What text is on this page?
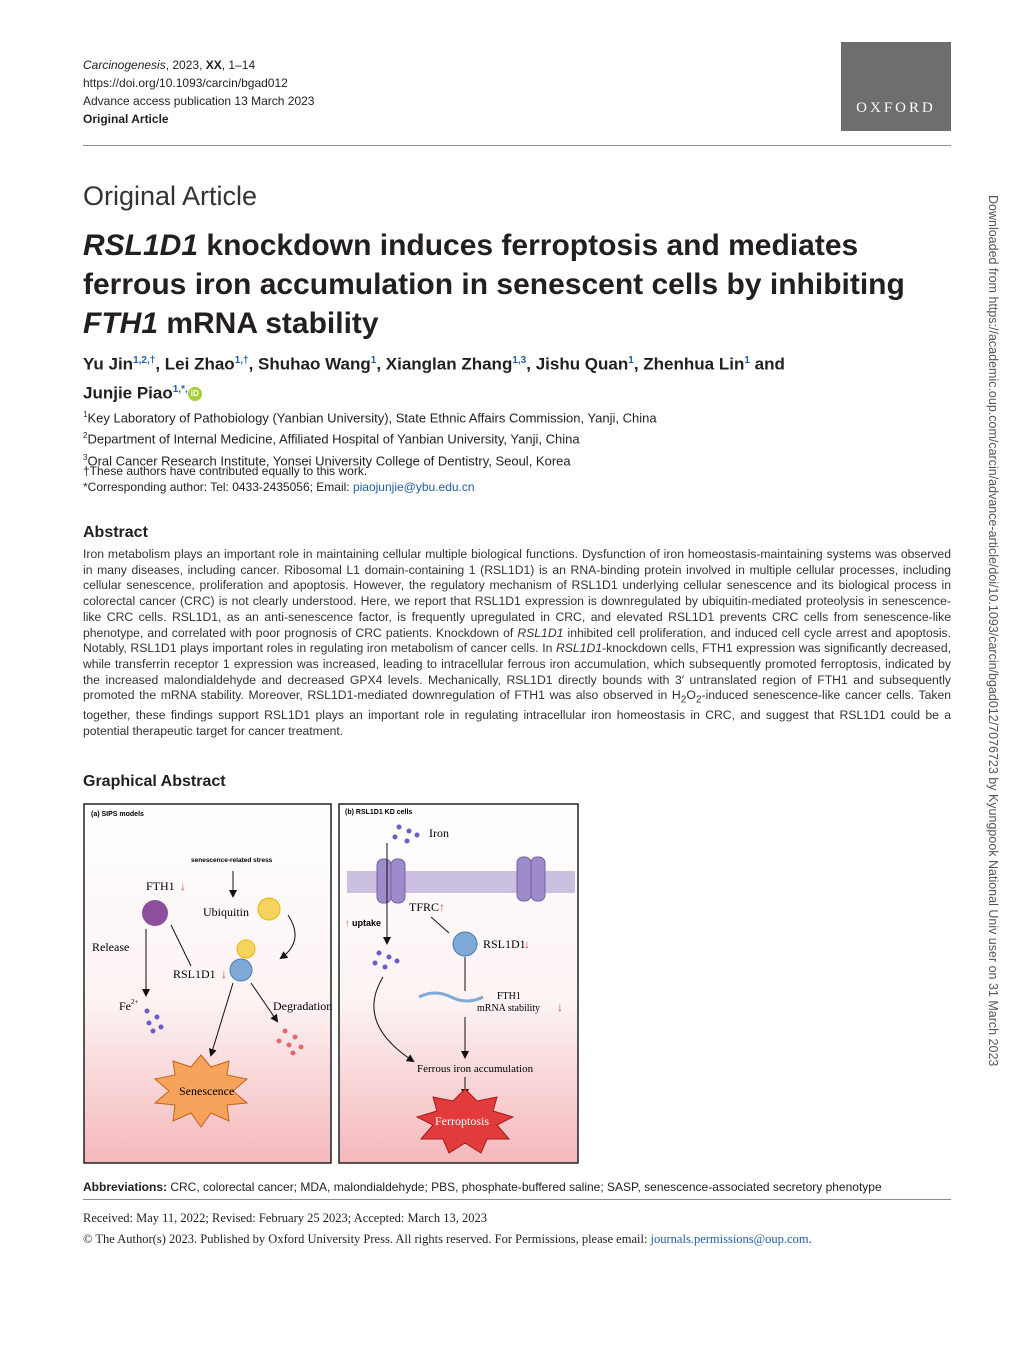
Carcinogenesis, 2023, XX, 1–14
https://doi.org/10.1093/carcin/bgad012
Advance access publication 13 March 2023
Original Article
OXFORD
Original Article
RSL1D1 knockdown induces ferroptosis and mediates ferrous iron accumulation in senescent cells by inhibiting FTH1 mRNA stability
Yu Jin$^{1,2,\dagger}$, Lei Zhao$^{1,\dagger}$, Shuhao Wang$^1$, Xianglan Zhang$^{1,3}$, Jishu Quan$^1$, Zhenhua Lin$^1$ and
Junjie Piao$^{1,*,}$ iD
$^1$Key Laboratory of Pathobiology (Yanbian University), State Ethnic Affairs Commission, Yanji, China
$^2$Department of Internal Medicine, Affiliated Hospital of Yanbian University, Yanji, China
$^3$Oral Cancer Research Institute, Yonsei University College of Dentistry, Seoul, Korea
†These authors have contributed equally to this work.
*Corresponding author: Tel: 0433-2435056; Email: piaojunjie@ybu.edu.cn
Abstract
Iron metabolism plays an important role in maintaining cellular multiple biological functions. Dysfunction of iron homeostasis-maintaining systems was observed in many diseases, including cancer. Ribosomal L1 domain-containing 1 (RSL1D1) is an RNA-binding protein involved in multiple cellular processes, including cellular senescence, proliferation and apoptosis. However, the regulatory mechanism of RSL1D1 underlying cellular senescence and its biological process in colorectal cancer (CRC) is not clearly understood. Here, we report that RSL1D1 expression is downregulated by ubiquitin-mediated proteolysis in senescence-like CRC cells. RSL1D1, as an anti-senescence factor, is frequently upregulated in CRC, and elevated RSL1D1 prevents CRC cells from senescence-like phenotype, and correlated with poor prognosis of CRC patients. Knockdown of RSL1D1 inhibited cell proliferation, and induced cell cycle arrest and apoptosis. Notably, RSL1D1 plays important roles in regulating iron metabolism of cancer cells. In RSL1D1-knockdown cells, FTH1 expression was significantly decreased, while transferrin receptor 1 expression was increased, leading to intracellular ferrous iron accumulation, which subsequently promoted ferroptosis, indicated by the increased malondialdehyde and decreased GPX4 levels. Mechanically, RSL1D1 directly bounds with 3′ untranslated region of FTH1 and subsequently promoted the mRNA stability. Moreover, RSL1D1-mediated downregulation of FTH1 was also observed in $H_2O_2$-induced senescence-like cancer cells. Taken together, these findings support RSL1D1 plays an important role in regulating intracellular iron homeostasis in CRC, and suggest that RSL1D1 could be a potential therapeutic target for cancer treatment.
Graphical Abstract
(a) SIPS models
senescence-related stress
FTH1 ↓
Ubiquitin
Release
RSL1D1 ↓
$Fe^{2+}$	Degradation
Senescence
(b) RSL1D1 KD cells
Iron
↑ uptake
TFRC ↑
RSL1D1
↓
FTH1
mRNA stability ↓
Ferrous iron accumulation
Ferroptosis
Abbreviations: CRC, colorectal cancer; MDA, malondialdehyde; PBS, phosphate-buffered saline; SASP, senescence-associated secretory phenotype
Received: May 11, 2022; Revised: February 25 2023; Accepted: March 13, 2023
© The Author(s) 2023. Published by Oxford University Press. All rights reserved. For Permissions, please email: journals.permissions@oup.com.
Downloaded from https://academic.oup.com/carcin/advance-article/doi/10.1093/carcin/bgad012/7076723 by Kyungpook National Univ user on 31 March 2023
